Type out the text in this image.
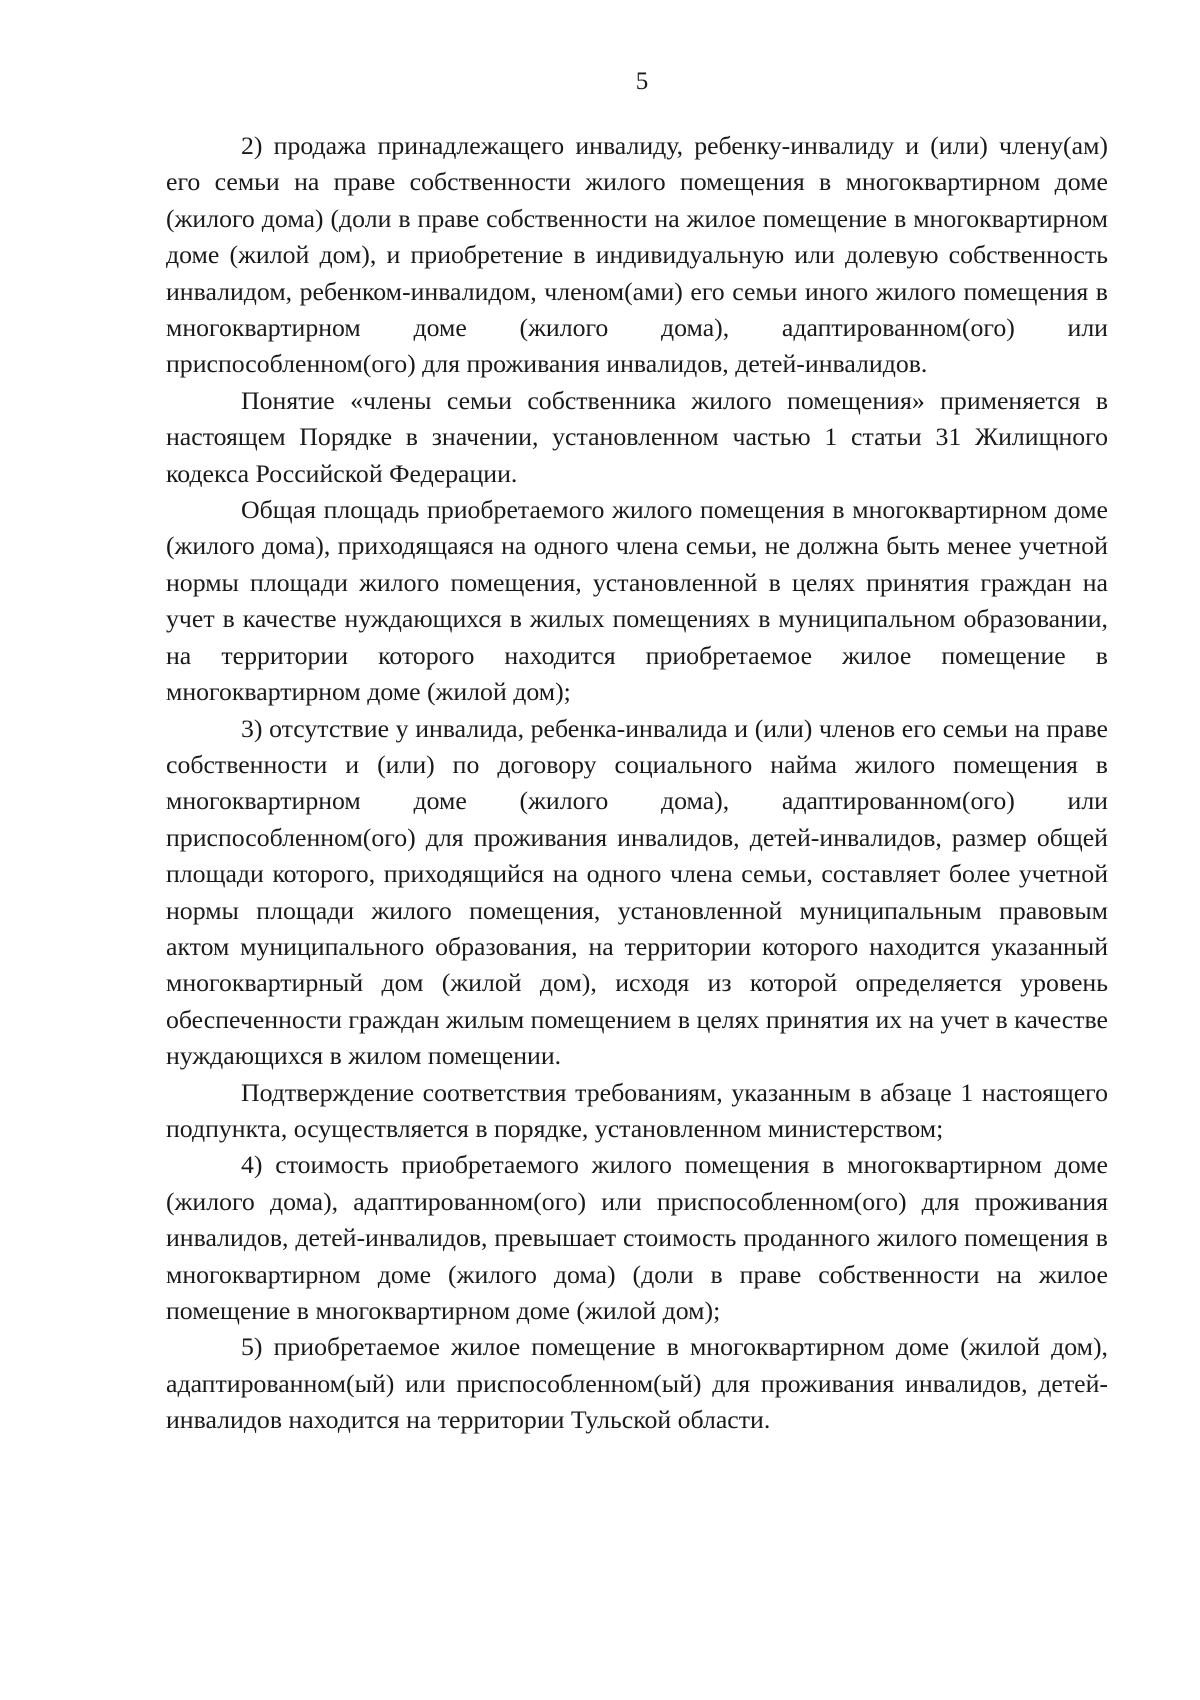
5

2) продажа принадлежащего инвалиду, ребенку-инвалиду и (или) члену(ам) его семьи на праве собственности жилого помещения в многоквартирном доме (жилого дома) (доли в праве собственности на жилое помещение в многоквартирном доме (жилой дом), и приобретение в индивидуальную или долевую собственность инвалидом, ребенком-инвалидом, членом(ами) его семьи иного жилого помещения в многоквартирном доме (жилого дома), адаптированном(ого) или приспособленном(ого) для проживания инвалидов, детей-инвалидов.

Понятие «члены семьи собственника жилого помещения» применяется в настоящем Порядке в значении, установленном частью 1 статьи 31 Жилищного кодекса Российской Федерации.

Общая площадь приобретаемого жилого помещения в многоквартирном доме (жилого дома), приходящаяся на одного члена семьи, не должна быть менее учетной нормы площади жилого помещения, установленной в целях принятия граждан на учет в качестве нуждающихся в жилых помещениях в муниципальном образовании, на территории которого находится приобретаемое жилое помещение в многоквартирном доме (жилой дом);

3) отсутствие у инвалида, ребенка-инвалида и (или) членов его семьи на праве собственности и (или) по договору социального найма жилого помещения в многоквартирном доме (жилого дома), адаптированном(ого) или приспособленном(ого) для проживания инвалидов, детей-инвалидов, размер общей площади которого, приходящийся на одного члена семьи, составляет более учетной нормы площади жилого помещения, установленной муниципальным правовым актом муниципального образования, на территории которого находится указанный многоквартирный дом (жилой дом), исходя из которой определяется уровень обеспеченности граждан жилым помещением в целях принятия их на учет в качестве нуждающихся в жилом помещении.

Подтверждение соответствия требованиям, указанным в абзаце 1 настоящего подпункта, осуществляется в порядке, установленном министерством;

4) стоимость приобретаемого жилого помещения в многоквартирном доме (жилого дома), адаптированном(ого) или приспособленном(ого) для проживания инвалидов, детей-инвалидов, превышает стоимость проданного жилого помещения в многоквартирном доме (жилого дома) (доли в праве собственности на жилое помещение в многоквартирном доме (жилой дом);

5) приобретаемое жилое помещение в многоквартирном доме (жилой дом), адаптированном(ый) или приспособленном(ый) для проживания инвалидов, детей-инвалидов находится на территории Тульской области.
